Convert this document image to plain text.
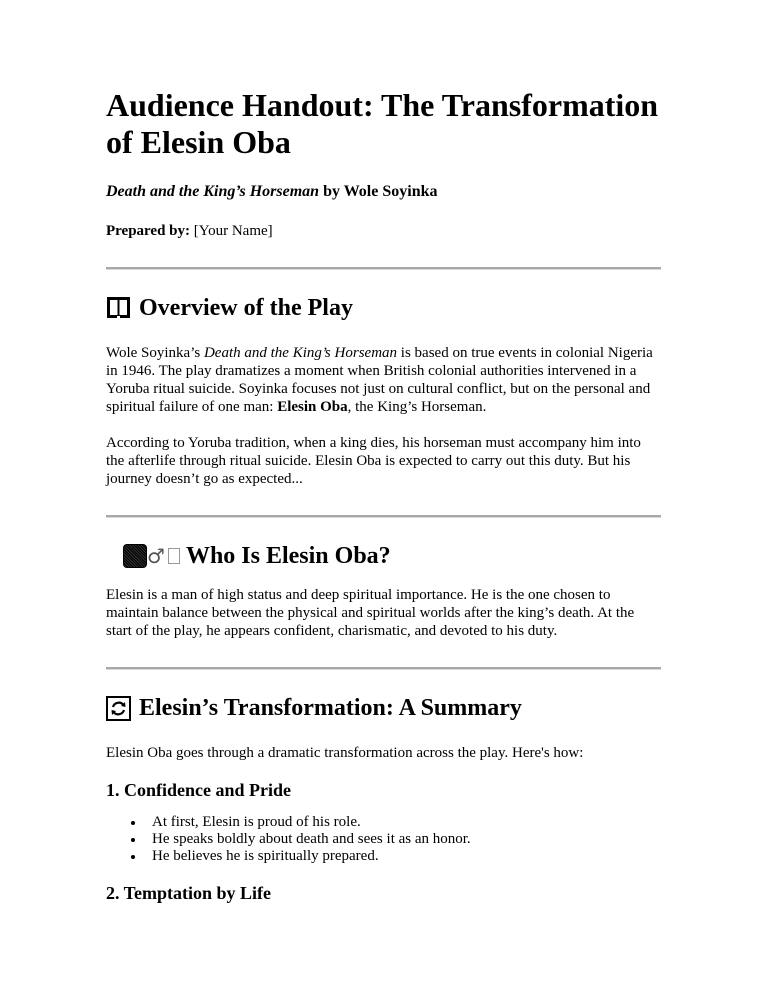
Audience Handout: The Transformation of Elesin Oba
Death and the King’s Horseman by Wole Soyinka
Prepared by: [Your Name]
Overview of the Play

Wole Soyinka’s Death and the King’s Horseman is based on true events in colonial Nigeria in 1946. The play dramatizes a moment when British colonial authorities intervened in a Yoruba ritual suicide. Soyinka focuses not just on cultural conflict, but on the personal and spiritual failure of one man: Elesin Oba, the King’s Horseman.

According to Yoruba tradition, when a king dies, his horseman must accompany him into the afterlife through ritual suicide. Elesin Oba is expected to carry out this duty. But his journey doesn’t go as expected...

♂ Who Is Elesin Oba?

Elesin is a man of high status and deep spiritual importance. He is the one chosen to maintain balance between the physical and spiritual worlds after the king’s death. At the start of the play, he appears confident, charismatic, and devoted to his duty.

Elesin’s Transformation: A Summary

Elesin Oba goes through a dramatic transformation across the play. Here's how:

1. Confidence and Pride
At first, Elesin is proud of his role.
He speaks boldly about death and sees it as an honor.
He believes he is spiritually prepared.
2. Temptation by Life
